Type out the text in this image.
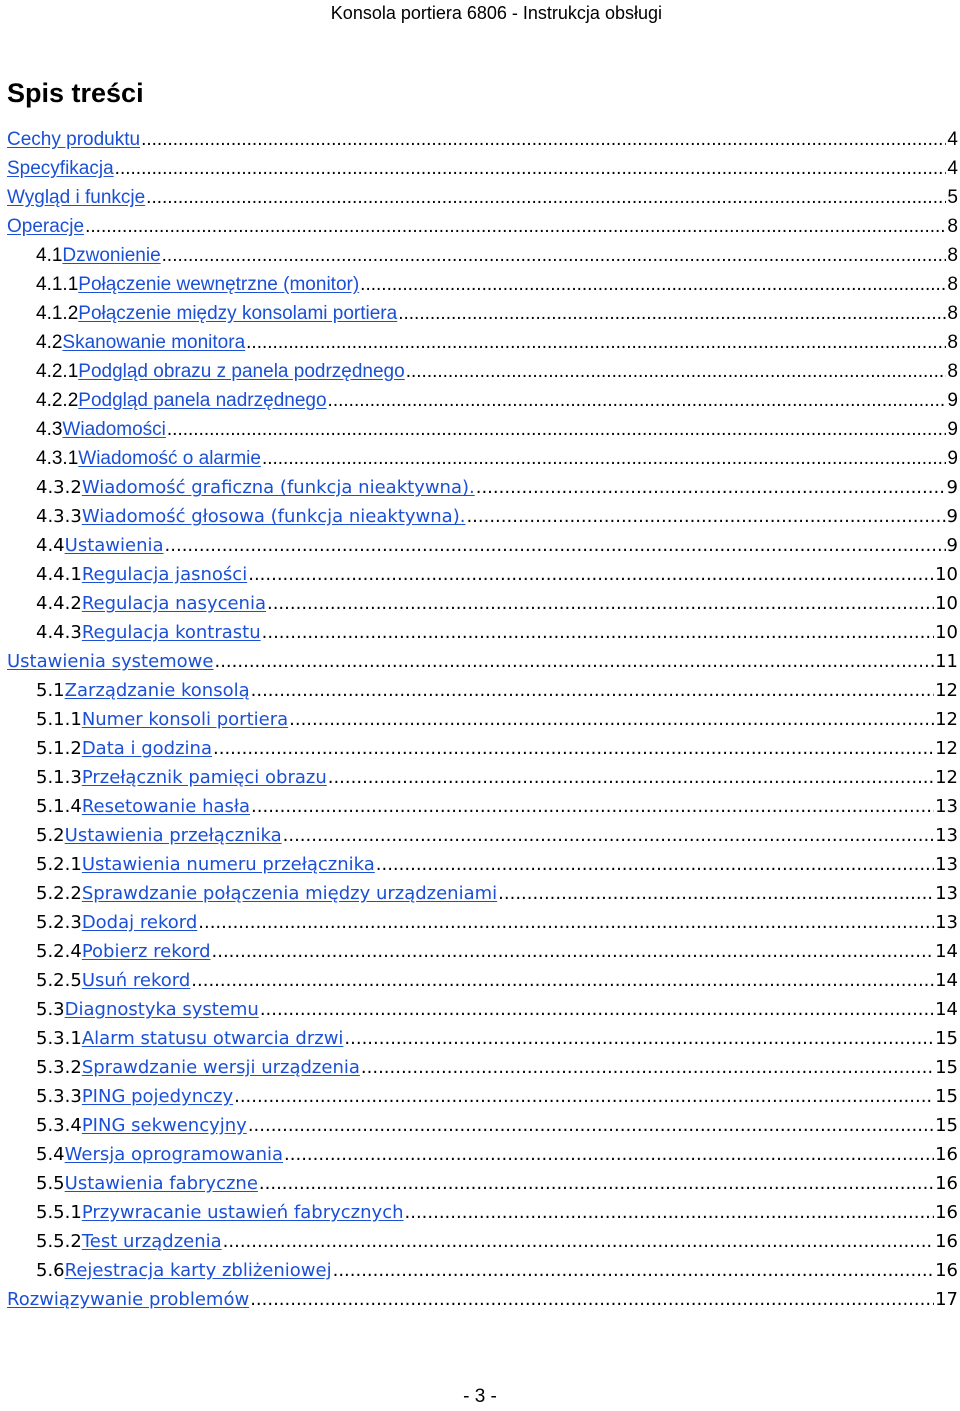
Konsola portiera 6806 - Instrukcja obsługi
Spis treści
Cechy produktu .....	4
Specyfikacja .....	4
Wygląd i funkcje .....	5
Operacje .....	8
4.1 Dzwonienie .....	8
4.1.1 Połączenie wewnętrzne (monitor) .....	8
4.1.2 Połączenie między konsolami portiera .....	8
4.2 Skanowanie monitora .....	8
4.2.1 Podgląd obrazu z panela podrzędnego .....	8
4.2.2 Podgląd panela nadrzędnego .....	9
4.3 Wiadomości .....	9
4.3.1 Wiadomość o alarmie .....	9
4.3.2 Wiadomość graficzna (funkcja nieaktywna). .....	9
4.3.3 Wiadomość głosowa (funkcja nieaktywna). .....	9
4.4 Ustawienia .....	9
4.4.1 Regulacja jasności .....	10
4.4.2 Regulacja nasycenia .....	10
4.4.3 Regulacja kontrastu .....	10
Ustawienia systemowe .....	11
5.1 Zarządzanie konsolą .....	12
5.1.1 Numer konsoli portiera .....	12
5.1.2 Data i godzina .....	12
5.1.3 Przełącznik pamięci obrazu .....	12
5.1.4 Resetowanie hasła .....	13
5.2 Ustawienia przełącznika .....	13
5.2.1 Ustawienia numeru przełącznika .....	13
5.2.2 Sprawdzanie połączenia między urządzeniami .....	13
5.2.3 Dodaj rekord .....	13
5.2.4 Pobierz rekord .....	14
5.2.5 Usuń rekord .....	14
5.3 Diagnostyka systemu .....	14
5.3.1 Alarm statusu otwarcia drzwi .....	15
5.3.2 Sprawdzanie wersji urządzenia .....	15
5.3.3 PING pojedynczy .....	15
5.3.4 PING sekwencyjny .....	15
5.4 Wersja oprogramowania .....	16
5.5 Ustawienia fabryczne .....	16
5.5.1 Przywracanie ustawień fabrycznych .....	16
5.5.2 Test urządzenia .....	16
5.6 Rejestracja karty zbliżeniowej .....	16
Rozwiązywanie problemów .....	17
- 3 -
